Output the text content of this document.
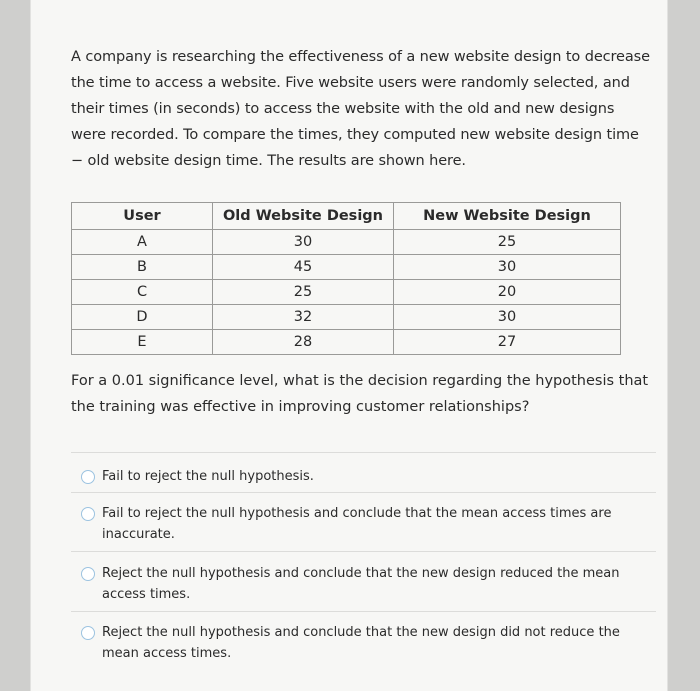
A company is researching the effectiveness of a new website design to decrease the time to access a website. Five website users were randomly selected, and their times (in seconds) to access the website with the old and new designs were recorded. To compare the times, they computed new website design time − old website design time. The results are shown here.

User	Old Website Design	New Website Design
A	30	25
B	45	30
C	25	20
D	32	30
E	28	27

For a 0.01 significance level, what is the decision regarding the hypothesis that the training was effective in improving customer relationships?

Fail to reject the null hypothesis.
Fail to reject the null hypothesis and conclude that the mean access times are inaccurate.
Reject the null hypothesis and conclude that the new design reduced the mean access times.
Reject the null hypothesis and conclude that the new design did not reduce the mean access times.
